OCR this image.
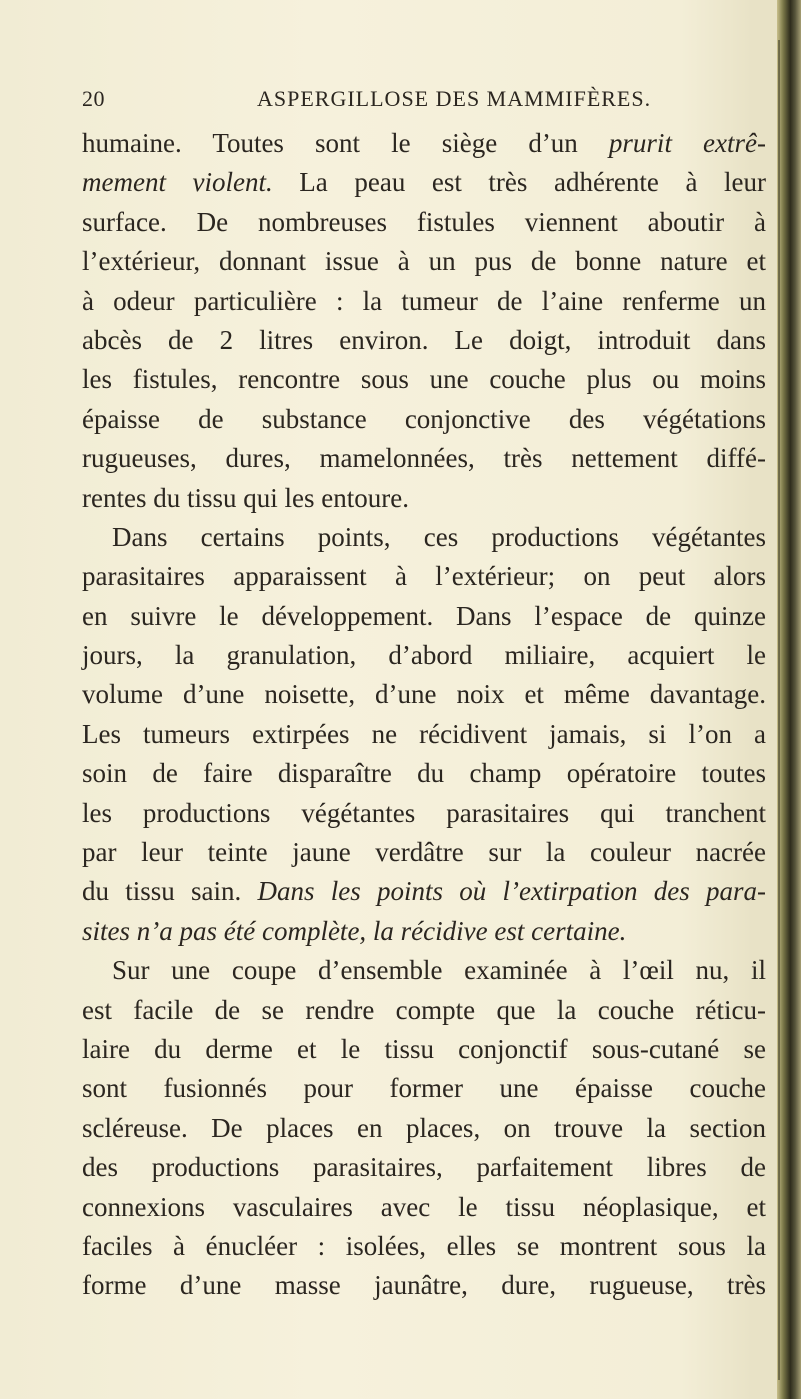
20	ASPERGILLOSE DES MAMMIFÈRES.
humaine. Toutes sont le siège d’un prurit extrê-
mement violent. La peau est très adhérente à leur
surface. De nombreuses fistules viennent aboutir à
l’extérieur, donnant issue à un pus de bonne nature et
à odeur particulière : la tumeur de l’aine renferme un
abcès de 2 litres environ. Le doigt, introduit dans
les fistules, rencontre sous une couche plus ou moins
épaisse de substance conjonctive des végétations
rugueuses, dures, mamelonnées, très nettement diffé-
rentes du tissu qui les entoure.
Dans certains points, ces productions végétantes
parasitaires apparaissent à l’extérieur; on peut alors
en suivre le développement. Dans l’espace de quinze
jours, la granulation, d’abord miliaire, acquiert le
volume d’une noisette, d’une noix et même davantage.
Les tumeurs extirpées ne récidivent jamais, si l’on a
soin de faire disparaître du champ opératoire toutes
les productions végétantes parasitaires qui tranchent
par leur teinte jaune verdâtre sur la couleur nacrée
du tissu sain. Dans les points où l’extirpation des para-
sites n’a pas été complète, la récidive est certaine.
Sur une coupe d’ensemble examinée à l’œil nu, il
est facile de se rendre compte que la couche réticu-
laire du derme et le tissu conjonctif sous-cutané se
sont fusionnés pour former une épaisse couche
scléreuse. De places en places, on trouve la section
des productions parasitaires, parfaitement libres de
connexions vasculaires avec le tissu néoplasique, et
faciles à énucléer : isolées, elles se montrent sous la
forme d’une masse jaunâtre, dure, rugueuse, très
